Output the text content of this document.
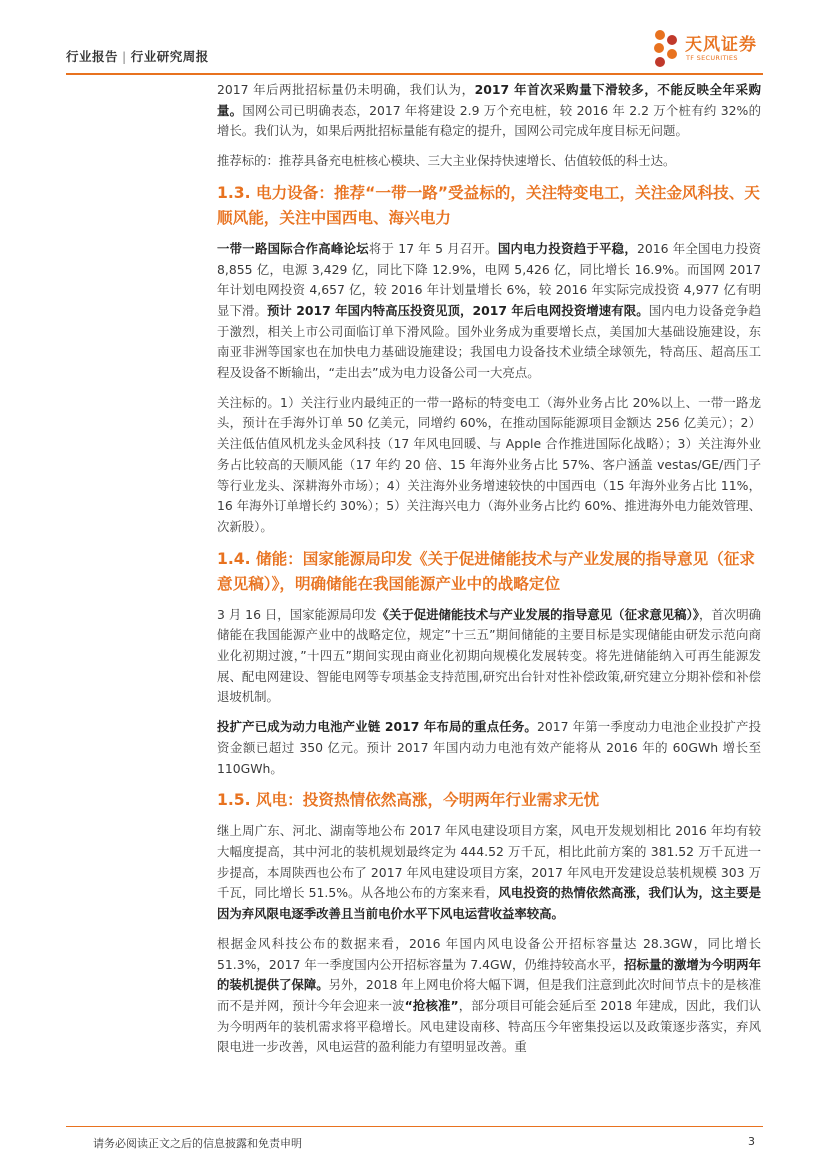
行业报告 | 行业研究周报
天风证券
TF SECURITIES

2017 年后两批招标量仍未明确，我们认为，2017 年首次采购量下滑较多，不能反映全年采购量。国网公司已明确表态，2017 年将建设 2.9 万个充电桩，较 2016 年 2.2 万个桩有约 32%的增长。我们认为，如果后两批招标量能有稳定的提升，国网公司完成年度目标无问题。

推荐标的：推荐具备充电桩核心模块、三大主业保持快速增长、估值较低的科士达。

1.3. 电力设备：推荐“一带一路”受益标的，关注特变电工，关注金风科技、天顺风能，关注中国西电、海兴电力

一带一路国际合作高峰论坛将于 17 年 5 月召开。国内电力投资趋于平稳，2016 年全国电力投资 8,855 亿，电源 3,429 亿，同比下降 12.9%，电网 5,426 亿，同比增长 16.9%。而国网 2017 年计划电网投资 4,657 亿，较 2016 年计划量增长 6%，较 2016 年实际完成投资 4,977 亿有明显下滑。预计 2017 年国内特高压投资见顶，2017 年后电网投资增速有限。国内电力设备竞争趋于激烈，相关上市公司面临订单下滑风险。国外业务成为重要增长点，美国加大基础设施建设，东南亚非洲等国家也在加快电力基础设施建设；我国电力设备技术业绩全球领先，特高压、超高压工程及设备不断输出，“走出去”成为电力设备公司一大亮点。

关注标的。1）关注行业内最纯正的一带一路标的特变电工（海外业务占比 20%以上、一带一路龙头，预计在手海外订单 50 亿美元，同增约 60%，在推动国际能源项目金额达 256 亿美元）；2）关注低估值风机龙头金风科技（17 年风电回暖、与 Apple 合作推进国际化战略）；3）关注海外业务占比较高的天顺风能（17 年约 20 倍、15 年海外业务占比 57%、客户涵盖 vestas/GE/西门子等行业龙头、深耕海外市场）；4）关注海外业务增速较快的中国西电（15 年海外业务占比 11%，16 年海外订单增长约 30%）；5）关注海兴电力（海外业务占比约 60%、推进海外电力能效管理、次新股）。

1.4. 储能：国家能源局印发《关于促进储能技术与产业发展的指导意见（征求意见稿）》，明确储能在我国能源产业中的战略定位

3 月 16 日，国家能源局印发《关于促进储能技术与产业发展的指导意见（征求意见稿）》，首次明确储能在我国能源产业中的战略定位，规定”十三五”期间储能的主要目标是实现储能由研发示范向商业化初期过渡，”十四五”期间实现由商业化初期向规模化发展转变。将先进储能纳入可再生能源发展、配电网建设、智能电网等专项基金支持范围,研究出台针对性补偿政策,研究建立分期补偿和补偿退坡机制。

投扩产已成为动力电池产业链 2017 年布局的重点任务。2017 年第一季度动力电池企业投扩产投资金额已超过 350 亿元。预计 2017 年国内动力电池有效产能将从 2016 年的 60GWh 增长至 110GWh。

1.5. 风电：投资热情依然高涨，今明两年行业需求无忧

继上周广东、河北、湖南等地公布 2017 年风电建设项目方案，风电开发规划相比 2016 年均有较大幅度提高，其中河北的装机规划最终定为 444.52 万千瓦，相比此前方案的 381.52 万千瓦进一步提高，本周陕西也公布了 2017 年风电建设项目方案，2017 年风电开发建设总装机规模 303 万千瓦，同比增长 51.5%。从各地公布的方案来看，风电投资的热情依然高涨，我们认为，这主要是因为弃风限电逐季改善且当前电价水平下风电运营收益率较高。

根据金风科技公布的数据来看，2016 年国内风电设备公开招标容量达 28.3GW，同比增长 51.3%，2017 年一季度国内公开招标容量为 7.4GW，仍维持较高水平，招标量的激增为今明两年的装机提供了保障。另外，2018 年上网电价将大幅下调，但是我们注意到此次时间节点卡的是核准而不是并网，预计今年会迎来一波“抢核准”，部分项目可能会延后至 2018 年建成，因此，我们认为今明两年的装机需求将平稳增长。风电建设南移、特高压今年密集投运以及政策逐步落实，弃风限电进一步改善，风电运营的盈利能力有望明显改善。重

请务必阅读正文之后的信息披露和免责申明	3
